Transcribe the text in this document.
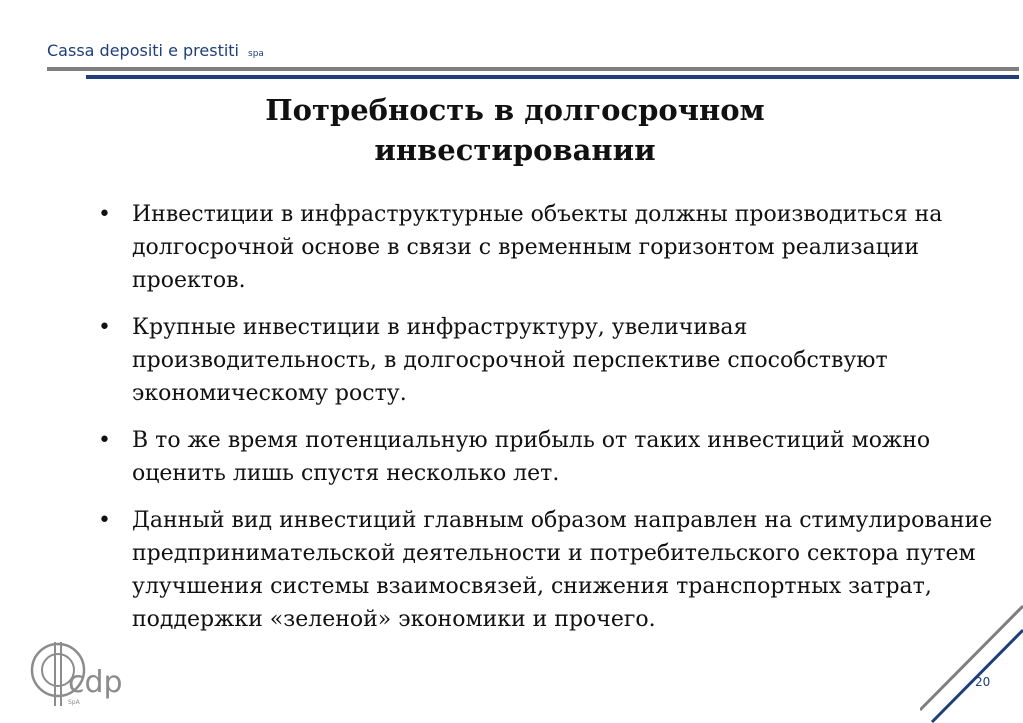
Cassa depositi e prestiti spa
Потребность в долгосрочном инвестировании
• Инвестиции в инфраструктурные объекты должны производиться на долгосрочной основе в связи с временным горизонтом реализации проектов.
• Крупные инвестиции в инфраструктуру, увеличивая производительность, в долгосрочной перспективе способствуют экономическому росту.
• В то же время потенциальную прибыль от таких инвестиций можно оценить лишь спустя несколько лет.
• Данный вид инвестиций главным образом направлен на стимулирование предпринимательской деятельности и потребительского сектора путем улучшения системы взаимосвязей, снижения транспортных затрат, поддержки «зеленой» экономики и прочего.
cdp
SpA
20
